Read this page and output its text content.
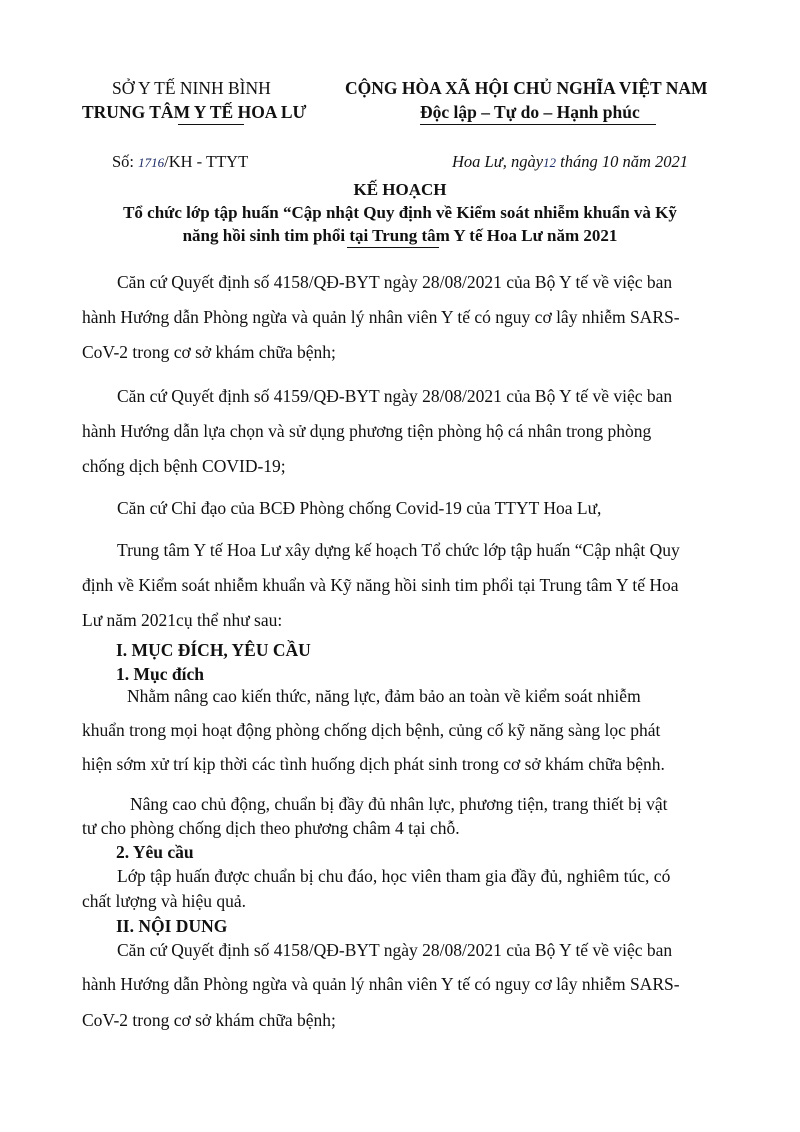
SỞ Y TẾ NINH BÌNH
TRUNG TÂM Y TẾ HOA LƯ
CỘNG HÒA XÃ HỘI CHỦ NGHĨA VIỆT NAM
Độc lập – Tự do – Hạnh phúc
Số: 1716/KH - TTYT	Hoa Lư, ngày12 tháng 10 năm 2021
KẾ HOẠCH
Tổ chức lớp tập huấn “Cập nhật Quy định về Kiểm soát nhiễm khuẩn và Kỹ
năng hồi sinh tim phổi tại Trung tâm Y tế Hoa Lư năm 2021
Căn cứ Quyết định số 4158/QĐ-BYT ngày 28/08/2021 của Bộ Y tế về việc ban
hành Hướng dẫn Phòng ngừa và quản lý nhân viên Y tế có nguy cơ lây nhiễm SARS-
CoV-2 trong cơ sở khám chữa bệnh;
Căn cứ Quyết định số 4159/QĐ-BYT ngày 28/08/2021 của Bộ Y tế về việc ban
hành Hướng dẫn lựa chọn và sử dụng phương tiện phòng hộ cá nhân trong phòng
chống dịch bệnh COVID-19;
Căn cứ Chỉ đạo của BCĐ Phòng chống Covid-19 của TTYT Hoa Lư,
Trung tâm Y tế Hoa Lư xây dựng kế hoạch Tổ chức lớp tập huấn “Cập nhật Quy
định về Kiểm soát nhiễm khuẩn và Kỹ năng hồi sinh tim phổi tại Trung tâm Y tế Hoa
Lư năm 2021cụ thể như sau:
I. MỤC ĐÍCH, YÊU CẦU
1. Mục đích
Nhằm nâng cao kiến thức, năng lực, đảm bảo an toàn về kiểm soát nhiễm
khuẩn trong mọi hoạt động phòng chống dịch bệnh, củng cố kỹ năng sàng lọc phát
hiện sớm xử trí kịp thời các tình huống dịch phát sinh trong cơ sở khám chữa bệnh.
Nâng cao chủ động, chuẩn bị đầy đủ nhân lực, phương tiện, trang thiết bị vật
tư cho phòng chống dịch theo phương châm 4 tại chỗ.
2. Yêu cầu
Lớp tập huấn được chuẩn bị chu đáo, học viên tham gia đầy đủ, nghiêm túc, có
chất lượng và hiệu quả.
II. NỘI DUNG
Căn cứ Quyết định số 4158/QĐ-BYT ngày 28/08/2021 của Bộ Y tế về việc ban
hành Hướng dẫn Phòng ngừa và quản lý nhân viên Y tế có nguy cơ lây nhiễm SARS-
CoV-2 trong cơ sở khám chữa bệnh;
